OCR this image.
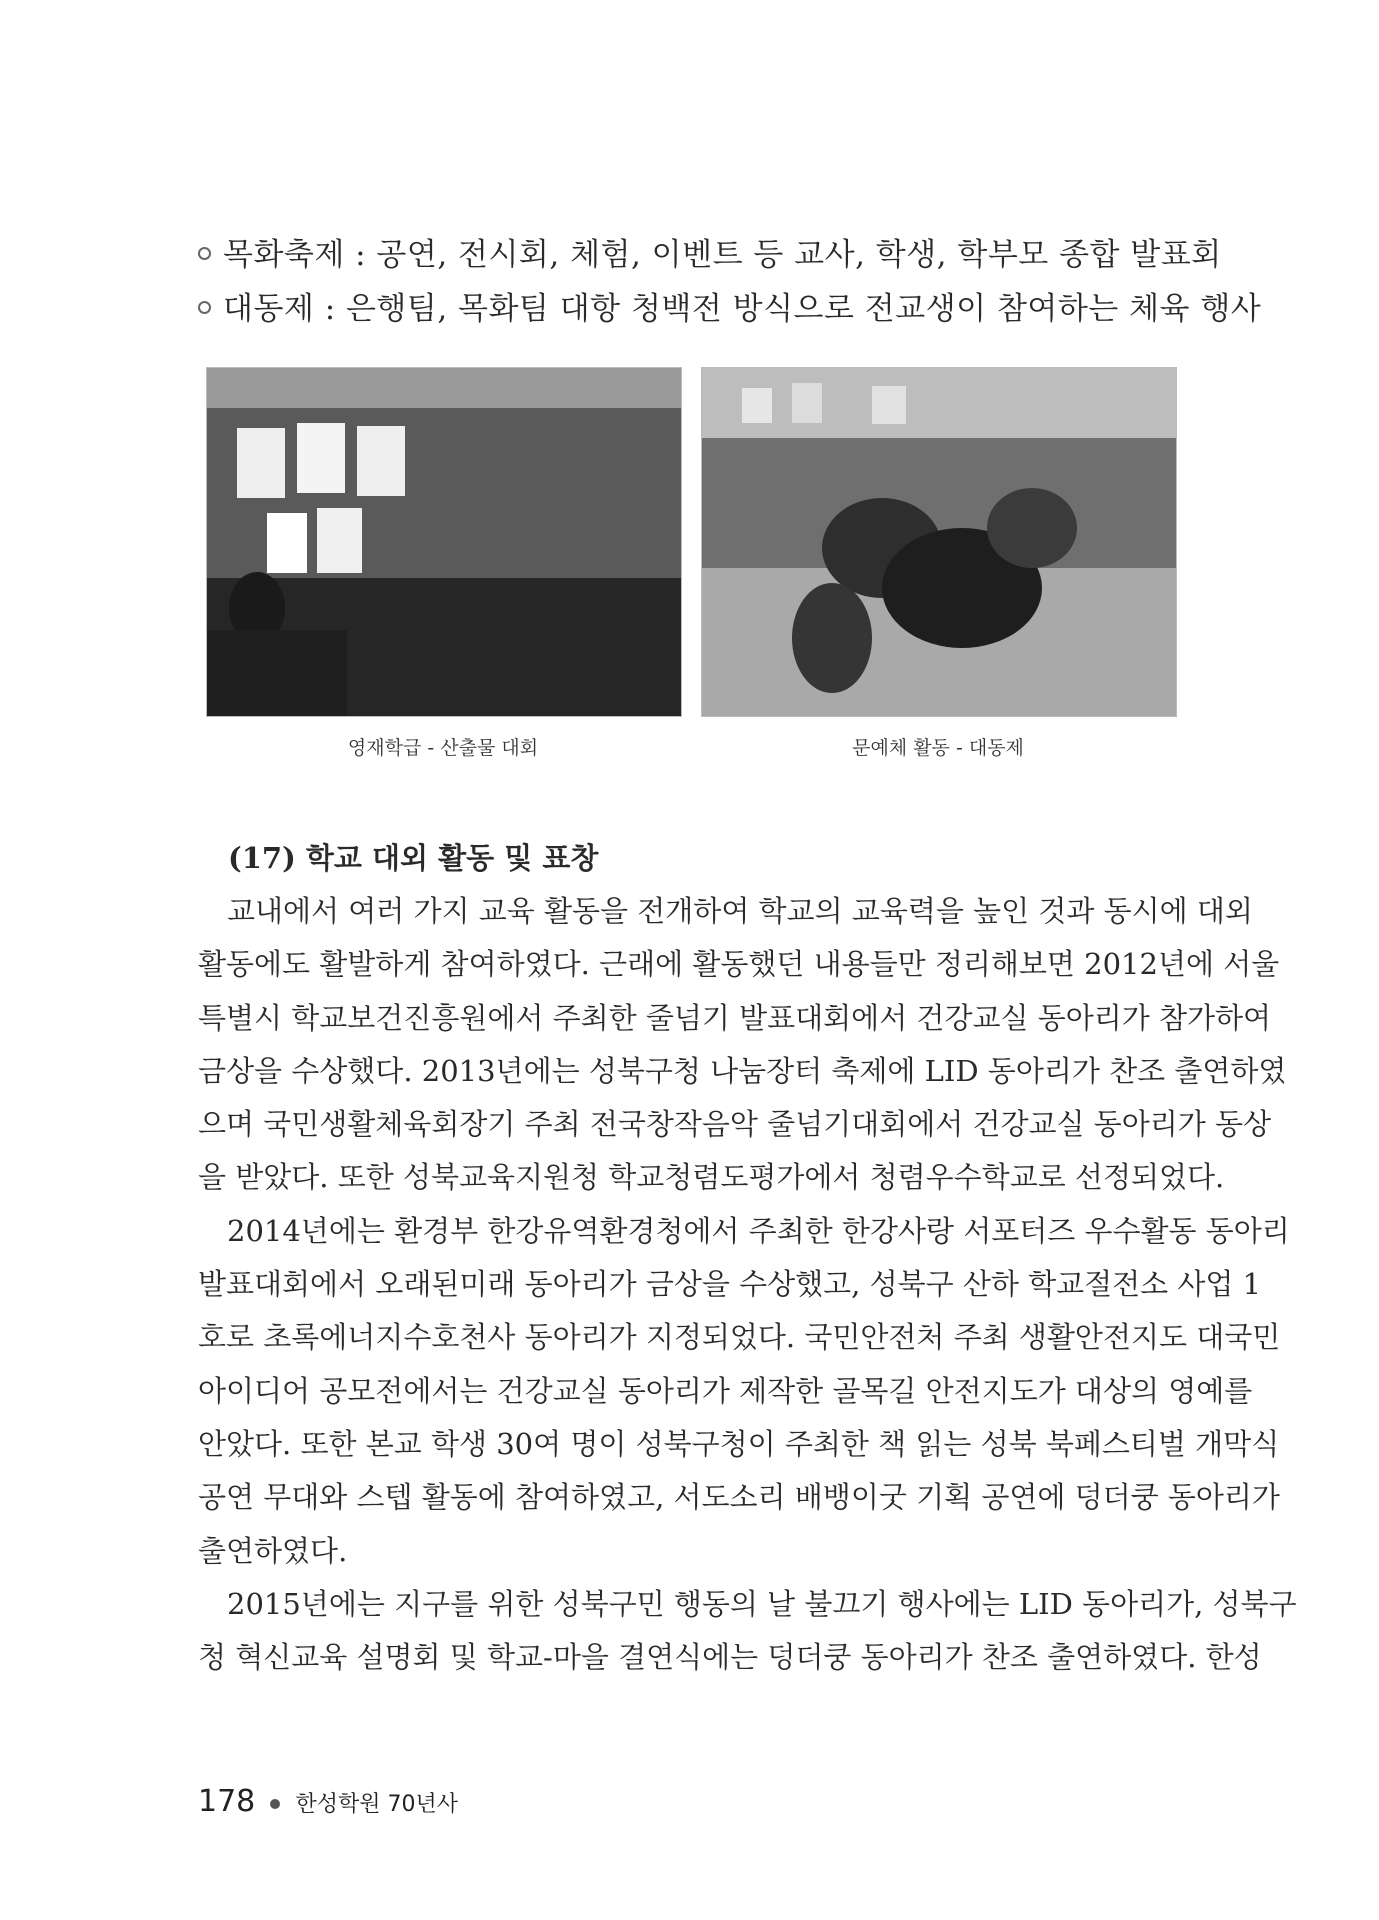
목화축제 : 공연, 전시회, 체험, 이벤트 등 교사, 학생, 학부모 종합 발표회
대동제 : 은행팀, 목화팀 대항 청백전 방식으로 전교생이 참여하는 체육 행사
영재학급 - 산출물 대회	문예체 활동 - 대동제
(17) 학교 대외 활동 및 표창
교내에서 여러 가지 교육 활동을 전개하여 학교의 교육력을 높인 것과 동시에 대외
활동에도 활발하게 참여하였다. 근래에 활동했던 내용들만 정리해보면 2012년에 서울
특별시 학교보건진흥원에서 주최한 줄넘기 발표대회에서 건강교실 동아리가 참가하여
금상을 수상했다. 2013년에는 성북구청 나눔장터 축제에 LID 동아리가 찬조 출연하였
으며 국민생활체육회장기 주최 전국창작음악 줄넘기대회에서 건강교실 동아리가 동상
을 받았다. 또한 성북교육지원청 학교청렴도평가에서 청렴우수학교로 선정되었다.
2014년에는 환경부 한강유역환경청에서 주최한 한강사랑 서포터즈 우수활동 동아리
발표대회에서 오래된미래 동아리가 금상을 수상했고, 성북구 산하 학교절전소 사업 1
호로 초록에너지수호천사 동아리가 지정되었다. 국민안전처 주최 생활안전지도 대국민
아이디어 공모전에서는 건강교실 동아리가 제작한 골목길 안전지도가 대상의 영예를
안았다. 또한 본교 학생 30여 명이 성북구청이 주최한 책 읽는 성북 북페스티벌 개막식
공연 무대와 스텝 활동에 참여하였고, 서도소리 배뱅이굿 기획 공연에 덩더쿵 동아리가
출연하였다.
2015년에는 지구를 위한 성북구민 행동의 날 불끄기 행사에는 LID 동아리가, 성북구
청 혁신교육 설명회 및 학교-마을 결연식에는 덩더쿵 동아리가 찬조 출연하였다. 한성
178 한성학원 70년사
